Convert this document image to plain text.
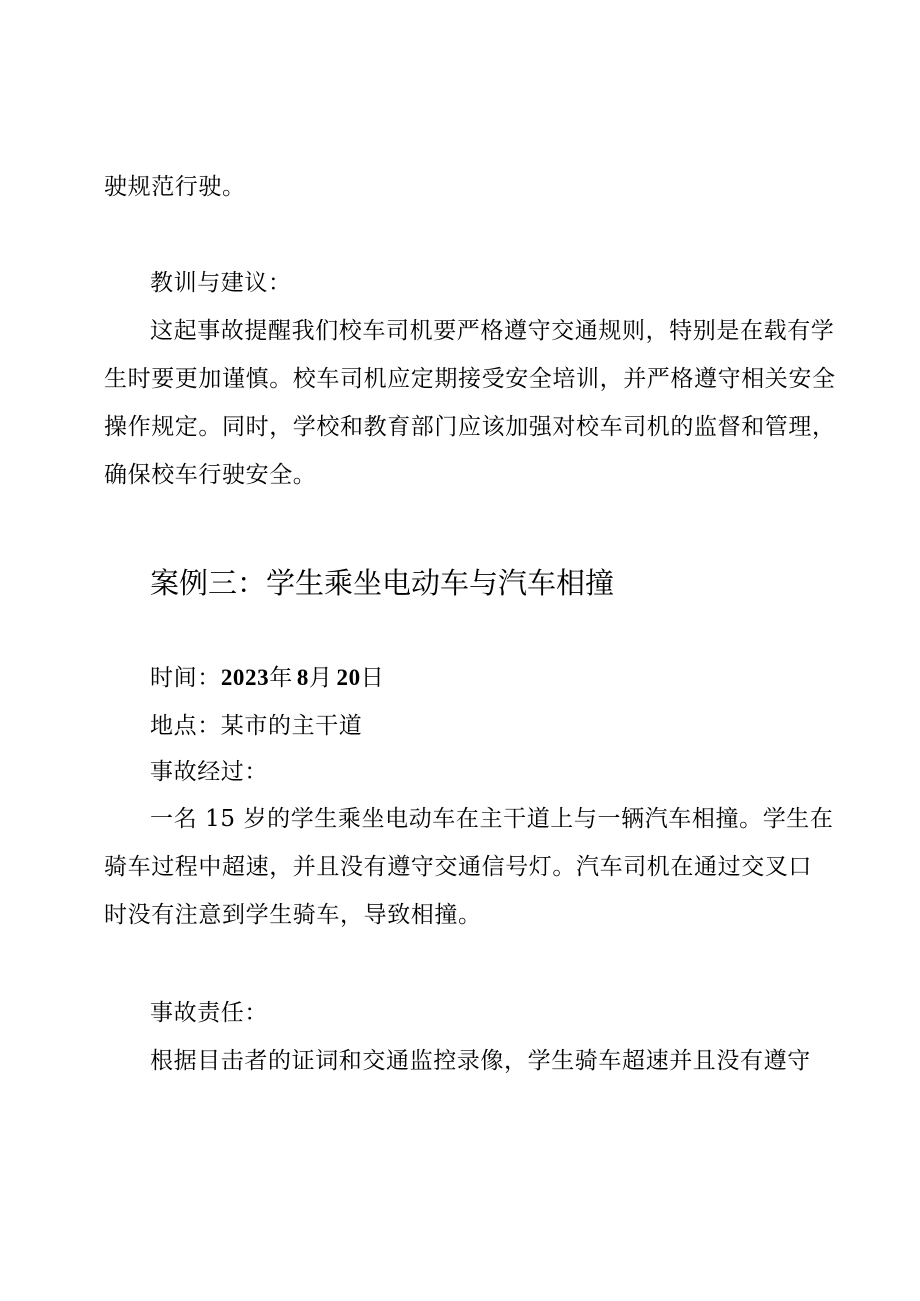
驶规范行驶。
教训与建议：
这起事故提醒我们校车司机要严格遵守交通规则，特别是在载有学
生时要更加谨慎。校车司机应定期接受安全培训，并严格遵守相关安全
操作规定。同时，学校和教育部门应该加强对校车司机的监督和管理，
确保校车行驶安全。
案例三：学生乘坐电动车与汽车相撞
时间：2023年 8月 20日
地点：某市的主干道
事故经过：
一名 15 岁的学生乘坐电动车在主干道上与一辆汽车相撞。学生在
骑车过程中超速，并且没有遵守交通信号灯。汽车司机在通过交叉口
时没有注意到学生骑车，导致相撞。
事故责任：
根据目击者的证词和交通监控录像，学生骑车超速并且没有遵守
